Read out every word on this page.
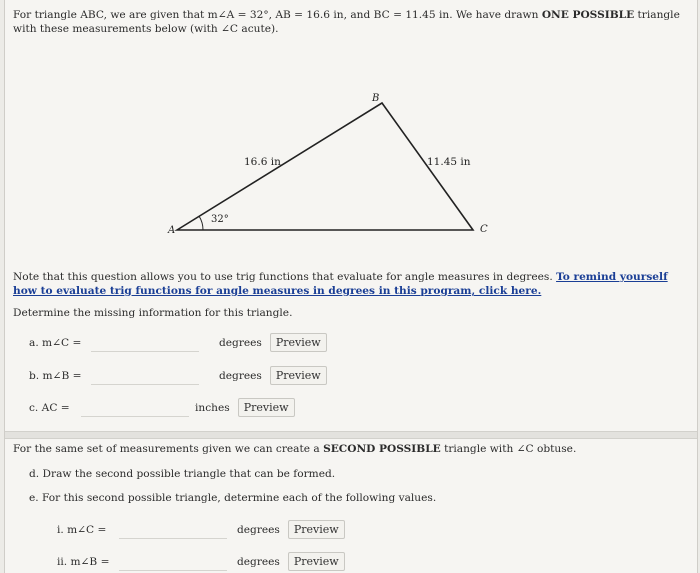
For triangle ABC, we are given that m∠A = 32°, AB = 16.6 in, and BC = 11.45 in. We have drawn ONE POSSIBLE triangle with these measurements below (with ∠C acute).
A
B
C
16.6 in	11.45 in
32°
Note that this question allows you to use trig functions that evaluate for angle measures in degrees. To remind yourself how to evaluate trig functions for angle measures in degrees in this program, click here.
Determine the missing information for this triangle.
a. m∠C =	degrees	Preview
b. m∠B =	degrees	Preview
c. AC =	inches	Preview
For the same set of measurements given we can create a SECOND POSSIBLE triangle with ∠C obtuse.
d. Draw the second possible triangle that can be formed.
e. For this second possible triangle, determine each of the following values.
i. m∠C =	degrees	Preview
ii. m∠B =	degrees	Preview
